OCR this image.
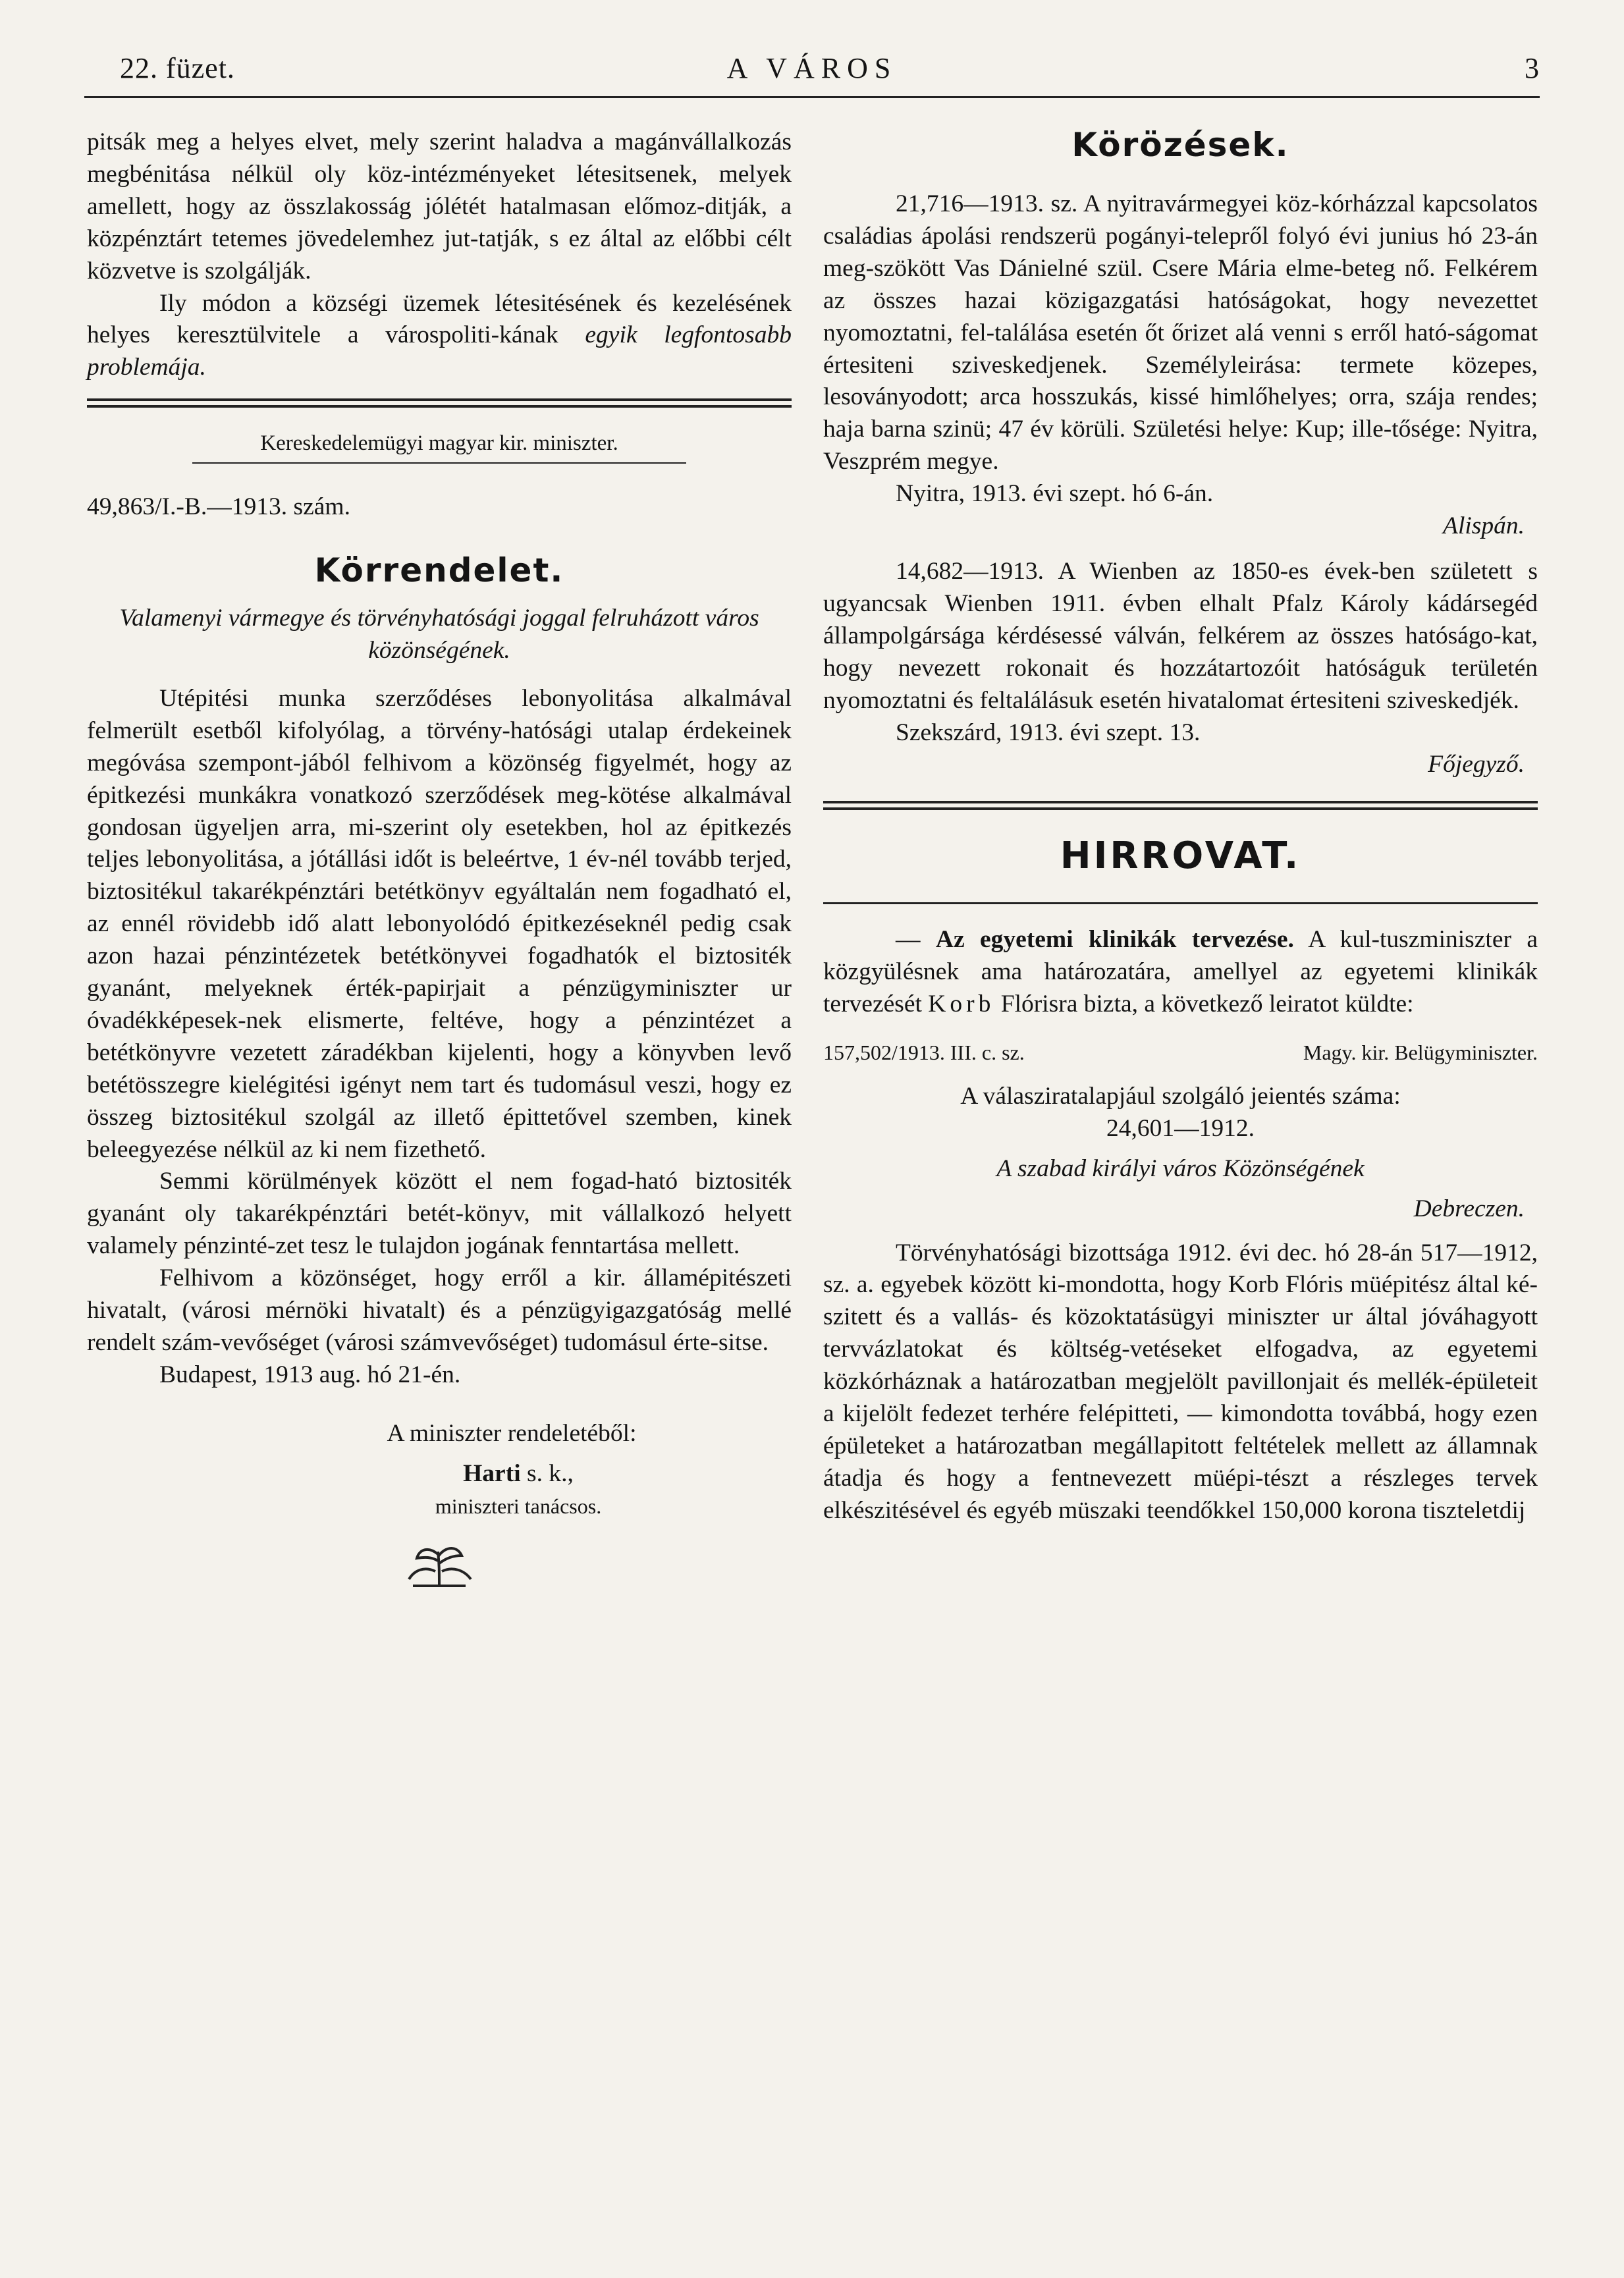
22. füzet.	A VÁROS	3

pitsák meg a helyes elvet, mely szerint haladva a magánvállalkozás megbénitása nélkül oly köz-intézményeket létesitsenek, melyek amellett, hogy az összlakosság jólétét hatalmasan előmoz-ditják, a közpénztárt tetemes jövedelemhez jut-tatják, s ez által az előbbi célt közvetve is szolgálják.

Ily módon a községi üzemek létesitésének és kezelésének helyes keresztülvitele a várospoliti-kának egyik legfontosabb problemája.

Kereskedelemügyi magyar kir. miniszter.

49,863/I.-B.—1913. szám.

Körrendelet.

Valamenyi vármegye és törvényhatósági joggal felruházott város közönségének.

Utépitési munka szerződéses lebonyolitása alkalmával felmerült esetből kifolyólag, a törvény-hatósági utalap érdekeinek megóvása szempont-jából felhivom a közönség figyelmét, hogy az épitkezési munkákra vonatkozó szerződések meg-kötése alkalmával gondosan ügyeljen arra, mi-szerint oly esetekben, hol az épitkezés teljes lebonyolitása, a jótállási időt is beleértve, 1 év-nél tovább terjed, biztositékul takarékpénztári betétkönyv egyáltalán nem fogadható el, az ennél rövidebb idő alatt lebonyolódó épitkezéseknél pedig csak azon hazai pénzintézetek betétkönyvei fogadhatók el biztositék gyanánt, melyeknek érték-papirjait a pénzügyminiszter ur óvadékképesek-nek elismerte, feltéve, hogy a pénzintézet a betétkönyvre vezetett záradékban kijelenti, hogy a könyvben levő betétösszegre kielégitési igényt nem tart és tudomásul veszi, hogy ez összeg biztositékul szolgál az illető épittetővel szemben, kinek beleegyezése nélkül az ki nem fizethető.

Semmi körülmények között el nem fogad-ható biztositék gyanánt oly takarékpénztári betét-könyv, mit vállalkozó helyett valamely pénzinté-zet tesz le tulajdon jogának fenntartása mellett.

Felhivom a közönséget, hogy erről a kir. államépitészeti hivatalt, (városi mérnöki hivatalt) és a pénzügyigazgatóság mellé rendelt szám-vevőséget (városi számvevőséget) tudomásul érte-sitse.

Budapest, 1913 aug. hó 21-én.

A miniszter rendeletéből:

Harti s. k.,

miniszteri tanácsos.

Körözések.

21,716—1913. sz. A nyitravármegyei köz-kórházzal kapcsolatos családias ápolási rendszerü pogányi-telepről folyó évi junius hó 23-án meg-szökött Vas Dánielné szül. Csere Mária elme-beteg nő. Felkérem az összes hazai közigazgatási hatóságokat, hogy nevezettet nyomoztatni, fel-találása esetén őt őrizet alá venni s erről ható-ságomat értesiteni sziveskedjenek. Személyleirása: termete közepes, lesoványodott; arca hosszukás, kissé himlőhelyes; orra, szája rendes; haja barna szinü; 47 év körüli. Születési helye: Kup; ille-tősége: Nyitra, Veszprém megye.

Nyitra, 1913. évi szept. hó 6-án.

Alispán.

14,682—1913. A Wienben az 1850-es évek-ben született s ugyancsak Wienben 1911. évben elhalt Pfalz Károly kádársegéd állampolgársága kérdésessé válván, felkérem az összes hatóságo-kat, hogy nevezett rokonait és hozzátartozóit hatóságuk területén nyomoztatni és feltalálásuk esetén hivatalomat értesiteni sziveskedjék.

Szekszárd, 1913. évi szept. 13.

Főjegyző.

HIRROVAT.

— Az egyetemi klinikák tervezése. A kul-tuszminiszter a közgyülésnek ama határozatára, amellyel az egyetemi klinikák tervezését Korb Flórisra bizta, a következő leiratot küldte:

157,502/1913. III. c. sz.	Magy. kir. Belügyminiszter.

A válasziratalapjául szolgáló jeientés száma:

24,601—1912.

A szabad királyi város Közönségének

Debreczen.

Törvényhatósági bizottsága 1912. évi dec. hó 28-án 517—1912, sz. a. egyebek között ki-mondotta, hogy Korb Flóris müépitész által ké-szitett és a vallás- és közoktatásügyi miniszter ur által jóváhagyott tervvázlatokat és költség-vetéseket elfogadva, az egyetemi közkórháznak a határozatban megjelölt pavillonjait és mellék-épületeit a kijelölt fedezet terhére felépitteti, — kimondotta továbbá, hogy ezen épületeket a határozatban megállapitott feltételek mellett az államnak átadja és hogy a fentnevezett müépi-tészt a részleges tervek elkészitésével és egyéb müszaki teendőkkel 150,000 korona tiszteletdij
